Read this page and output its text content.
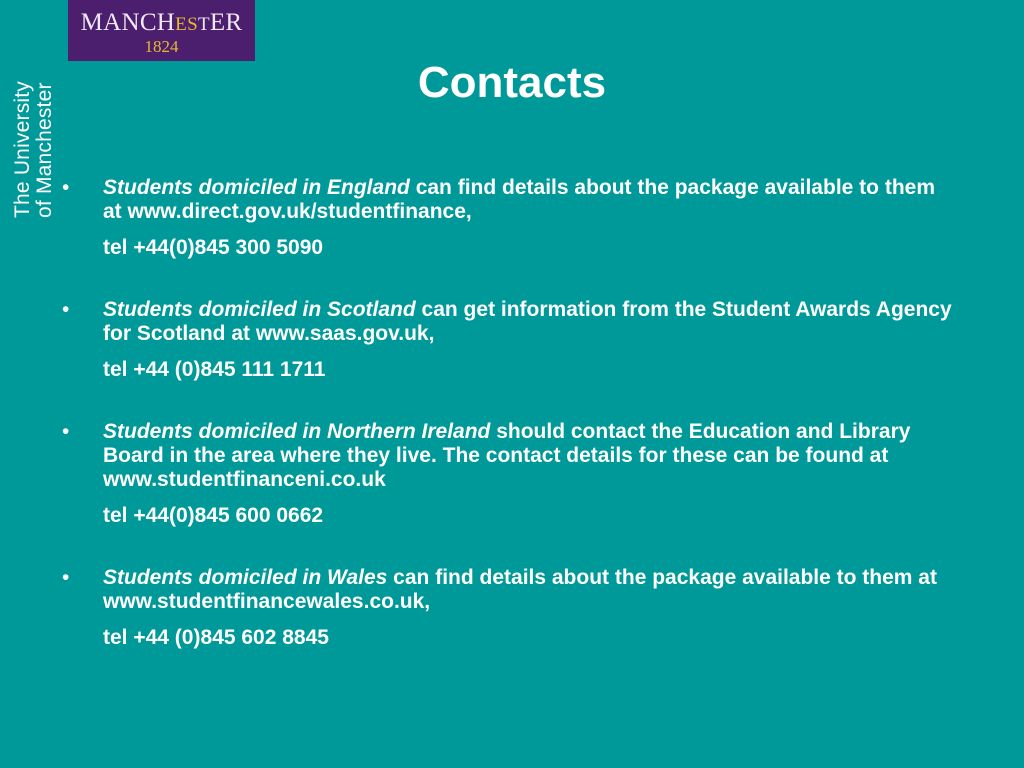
MANCHESTER
1824
The University of Manchester	Contacts
• Students domiciled in England can find details about the package available to them at www.direct.gov.uk/studentfinance,
tel +44(0)845 300 5090
• Students domiciled in Scotland can get information from the Student Awards Agency for Scotland at www.saas.gov.uk,
tel +44 (0)845 111 1711
• Students domiciled in Northern Ireland should contact the Education and Library Board in the area where they live. The contact details for these can be found at www.studentfinanceni.co.uk
tel +44(0)845 600 0662
• Students domiciled in Wales can find details about the package available to them at www.studentfinancewales.co.uk,
tel +44 (0)845 602 8845
